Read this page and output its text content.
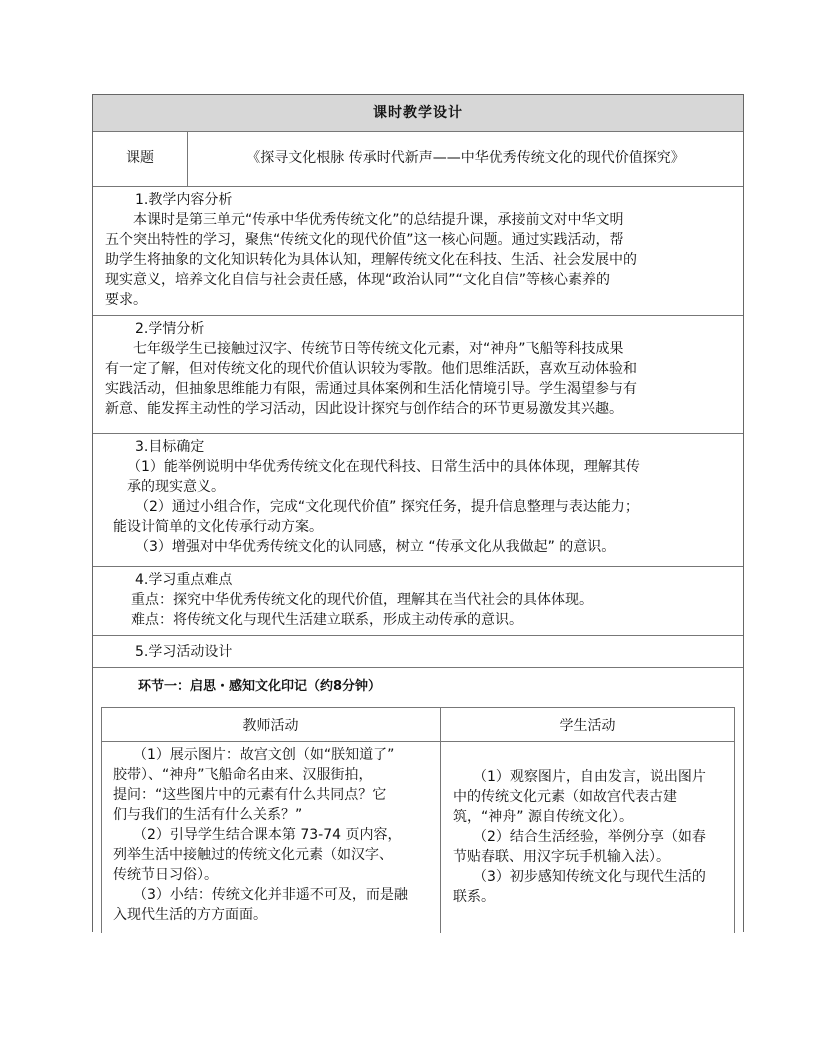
课时教学设计
课题	《探寻文化根脉 传承时代新声——中华优秀传统文化的现代价值探究》
1.教学内容分析
本课时是第三单元“传承中华优秀传统文化”的总结提升课，承接前文对中华文明
五个突出特性的学习，聚焦“传统文化的现代价值”这一核心问题。通过实践活动，帮
助学生将抽象的文化知识转化为具体认知，理解传统文化在科技、生活、社会发展中的
现实意义，培养文化自信与社会责任感，体现“政治认同”“文化自信”等核心素养的
要求。
2.学情分析
七年级学生已接触过汉字、传统节日等传统文化元素，对“神舟”飞船等科技成果
有一定了解，但对传统文化的现代价值认识较为零散。他们思维活跃，喜欢互动体验和
实践活动，但抽象思维能力有限，需通过具体案例和生活化情境引导。学生渴望参与有
新意、能发挥主动性的学习活动，因此设计探究与创作结合的环节更易激发其兴趣。
3.目标确定
（1）能举例说明中华优秀传统文化在现代科技、日常生活中的具体体现，理解其传
承的现实意义。
（2）通过小组合作，完成“文化现代价值” 探究任务，提升信息整理与表达能力；
能设计简单的文化传承行动方案。
（3）增强对中华优秀传统文化的认同感，树立 “传承文化从我做起” 的意识。
4.学习重点难点
重点：探究中华优秀传统文化的现代价值，理解其在当代社会的具体体现。
难点：将传统文化与现代生活建立联系，形成主动传承的意识。
5.学习活动设计
环节一：启思・感知文化印记（约8分钟）
教师活动	学生活动
（1）展示图片：故宫文创（如“朕知道了”
胶带）、“神舟”飞船命名由来、汉服街拍，
提问：“这些图片中的元素有什么共同点？它
们与我们的生活有什么关系？”
（2）引导学生结合课本第 73-74 页内容，
列举生活中接触过的传统文化元素（如汉字、
传统节日习俗）。
（3）小结：传统文化并非遥不可及，而是融
入现代生活的方方面面。
（1）观察图片，自由发言，说出图片
中的传统文化元素（如故宫代表古建
筑，“神舟” 源自传统文化）。
（2）结合生活经验，举例分享（如春
节贴春联、用汉字玩手机输入法）。
（3）初步感知传统文化与现代生活的
联系。
